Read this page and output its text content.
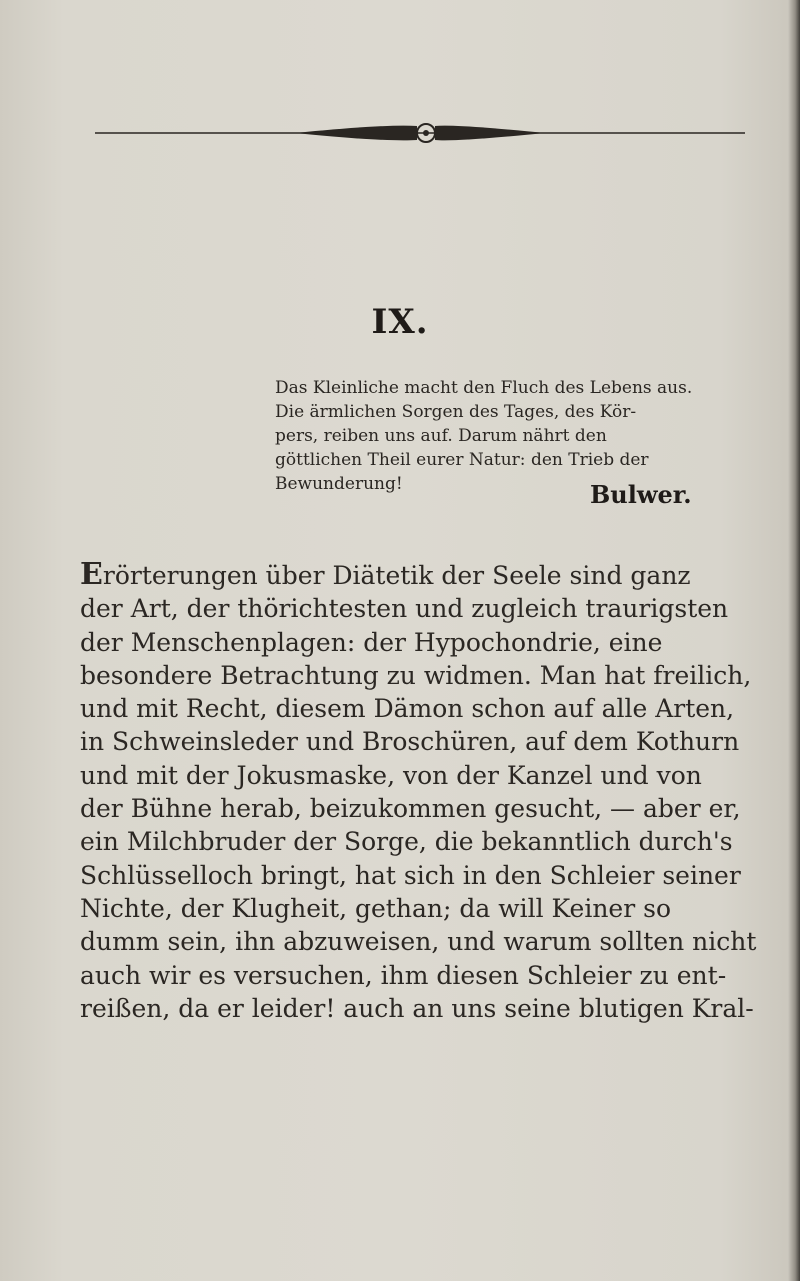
IX.
Das Kleinliche macht den Fluch des Lebens aus.
Die ärmlichen Sorgen des Tages, des Kör-
pers, reiben uns auf. Darum nährt den
göttlichen Theil eurer Natur: den Trieb der
Bewunderung!	Bulwer.
Erörterungen über Diätetik der Seele sind ganz
der Art, der thörichtesten und zugleich traurigsten
der Menschenplagen: der Hypochondrie, eine
besondere Betrachtung zu widmen. Man hat freilich,
und mit Recht, diesem Dämon schon auf alle Arten,
in Schweinsleder und Broschüren, auf dem Kothurn
und mit der Jokusmaske, von der Kanzel und von
der Bühne herab, beizukommen gesucht, — aber er,
ein Milchbruder der Sorge, die bekanntlich durch's
Schlüsselloch bringt, hat sich in den Schleier seiner
Nichte, der Klugheit, gethan; da will Keiner so
dumm sein, ihn abzuweisen, und warum sollten nicht
auch wir es versuchen, ihm diesen Schleier zu ent-
reißen, da er leider! auch an uns seine blutigen Kral-
